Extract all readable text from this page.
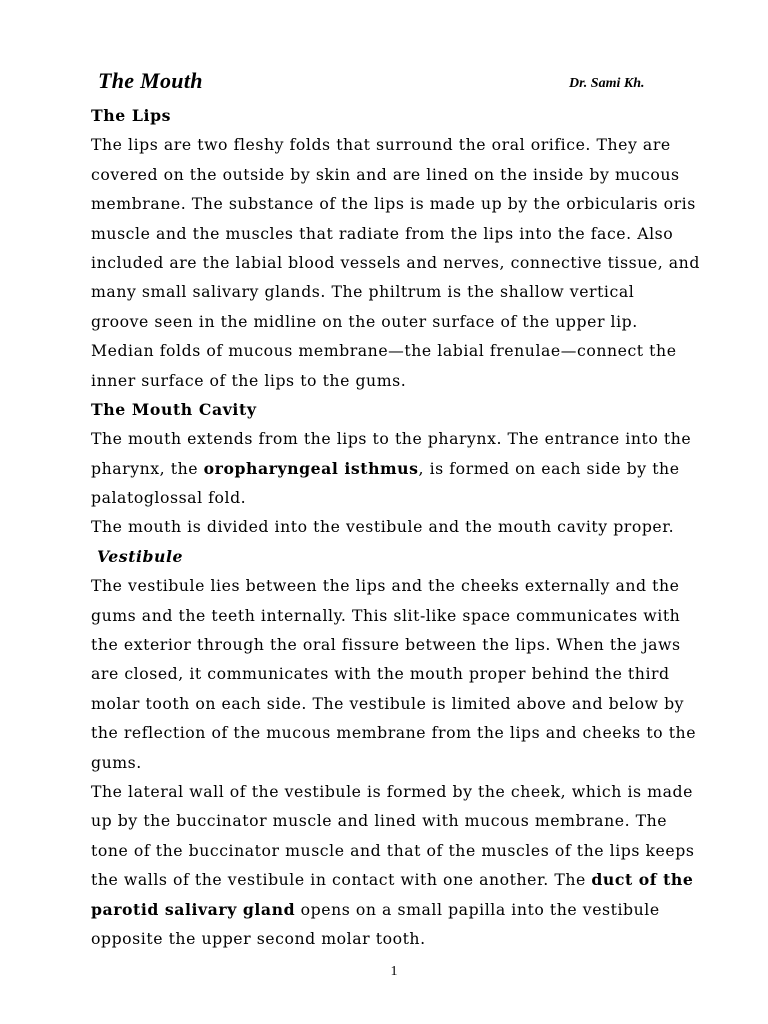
The Mouth	Dr. Sami Kh.
The Lips
The lips are two fleshy folds that surround the oral orifice. They are
covered on the outside by skin and are lined on the inside by mucous
membrane. The substance of the lips is made up by the orbicularis oris
muscle and the muscles that radiate from the lips into the face. Also
included are the labial blood vessels and nerves, connective tissue, and
many small salivary glands. The philtrum is the shallow vertical
groove seen in the midline on the outer surface of the upper lip.
Median folds of mucous membrane—the labial frenulae—connect the
inner surface of the lips to the gums.
The Mouth Cavity
The mouth extends from the lips to the pharynx. The entrance into the
pharynx, the oropharyngeal isthmus, is formed on each side by the
palatoglossal fold.
The mouth is divided into the vestibule and the mouth cavity proper.
Vestibule
The vestibule lies between the lips and the cheeks externally and the
gums and the teeth internally. This slit-like space communicates with
the exterior through the oral fissure between the lips. When the jaws
are closed, it communicates with the mouth proper behind the third
molar tooth on each side. The vestibule is limited above and below by
the reflection of the mucous membrane from the lips and cheeks to the
gums.
The lateral wall of the vestibule is formed by the cheek, which is made
up by the buccinator muscle and lined with mucous membrane. The
tone of the buccinator muscle and that of the muscles of the lips keeps
the walls of the vestibule in contact with one another. The duct of the
parotid salivary gland opens on a small papilla into the vestibule
opposite the upper second molar tooth.
1
